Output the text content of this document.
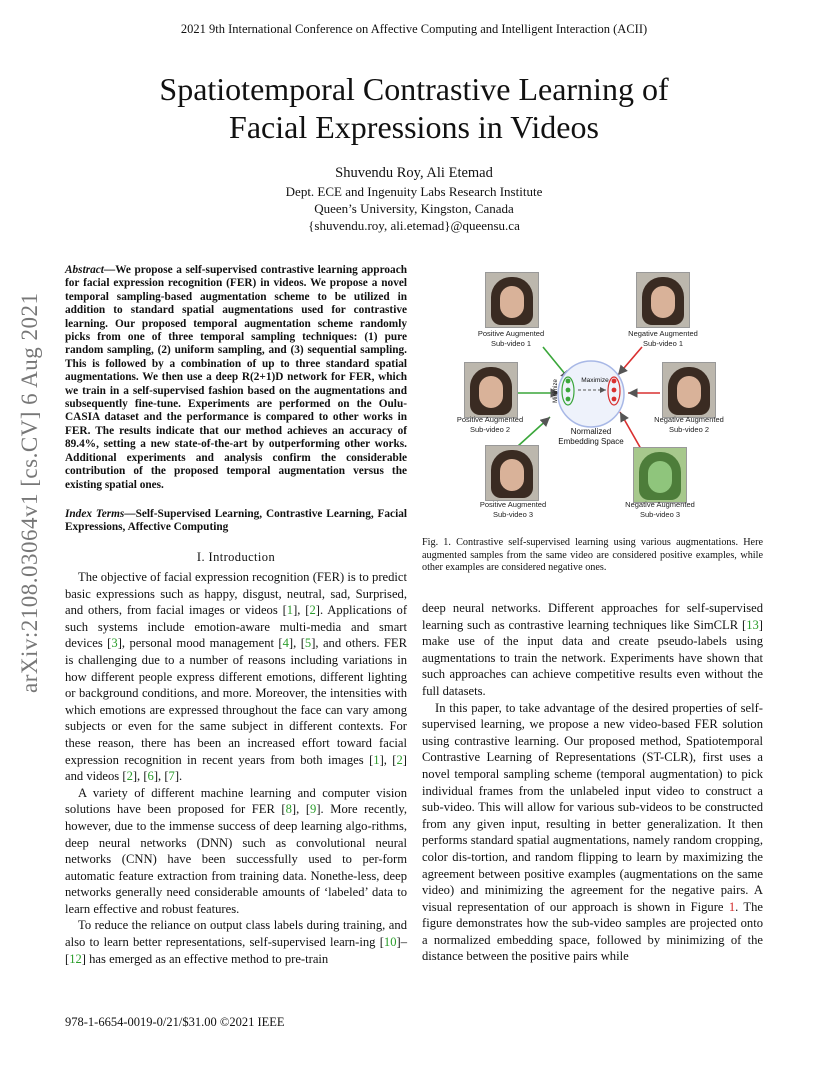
2021 9th International Conference on Affective Computing and Intelligent Interaction (ACII)
Spatiotemporal Contrastive Learning of
Facial Expressions in Videos
Shuvendu Roy, Ali Etemad
Dept. ECE and Ingenuity Labs Research Institute
Queen’s University, Kingston, Canada
{shuvendu.roy, ali.etemad}@queensu.ca
arXiv:2108.03064v1 [cs.CV] 6 Aug 2021
Abstract—We propose a self-supervised contrastive learning approach for facial expression recognition (FER) in videos. We propose a novel temporal sampling-based augmentation scheme to be utilized in addition to standard spatial augmentations used for contrastive learning. Our proposed temporal augmentation scheme randomly picks from one of three temporal sampling techniques: (1) pure random sampling, (2) uniform sampling, and (3) sequential sampling. This is followed by a combination of up to three standard spatial augmentations. We then use a deep R(2+1)D network for FER, which we train in a self-supervised fashion based on the augmentations and subsequently fine-tune. Experiments are performed on the Oulu-CASIA dataset and the performance is compared to other works in FER. The results indicate that our method achieves an accuracy of 89.4%, setting a new state-of-the-art by outperforming other works. Additional experiments and analysis confirm the considerable contribution of the proposed temporal augmentation versus the existing spatial ones.
Index Terms—Self-Supervised Learning, Contrastive Learning, Facial Expressions, Affective Computing
I. Introduction

The objective of facial expression recognition (FER) is to predict basic expressions such as happy, disgust, neutral, sad, Surprised, and others, from facial images or videos [1], [2]. Applications of such systems include emotion-aware multi-media and smart devices [3], personal mood management [4], [5], and others. FER is challenging due to a number of reasons including variations in how different people express different emotions, different lighting or background conditions, and more. Moreover, the intensities with which emotions are expressed throughout the face can vary among subjects or even for the same subject in different contexts. For these reason, there has been an increased effort toward facial expression recognition in recent years from both images [1], [2] and videos [2], [6], [7].

A variety of different machine learning and computer vision solutions have been proposed for FER [8], [9]. More recently, however, due to the immense success of deep learning algo-rithms, deep neural networks (DNN) such as convolutional neural networks (CNN) have been successfully used to per-form automatic feature extraction from training data. Nonethe-less, deep networks generally need considerable amounts of ‘labeled’ data to learn effective and robust features.

To reduce the reliance on output class labels during training, and also to learn better representations, self-supervised learn-ing [10]–[12] has emerged as an effective method to pre-train

Positive Augmented
Sub-video 1
Negative Augmented
Sub-video 1
Positive Augmented
Sub-video 2
Negative Augmented
Sub-video 2
Positive Augmented
Sub-video 3
Negative Augmented
Sub-video 3
Normalized
Embedding Space
Maximize
Minimize
Fig. 1. Contrastive self-supervised learning using various augmentations. Here augmented samples from the same video are considered positive examples, while other examples are considered negative ones.

deep neural networks. Different approaches for self-supervised learning such as contrastive learning techniques like SimCLR [13] make use of the input data and create pseudo-labels using augmentations to train the network. Experiments have shown that such approaches can achieve competitive results even without the full datasets.

In this paper, to take advantage of the desired properties of self-supervised learning, we propose a new video-based FER solution using contrastive learning. Our proposed method, Spatiotemporal Contrastive Learning of Representations (ST-CLR), first uses a novel temporal sampling scheme (temporal augmentation) to pick individual frames from the unlabeled input video to construct a sub-video. This will allow for various sub-videos to be constructed from any given input, resulting in better generalization. It then performs standard spatial augmentations, namely random cropping, color dis-tortion, and random flipping to learn by maximizing the agreement between positive examples (augmentations on the same video) and minimizing the agreement for the negative pairs. A visual representation of our approach is shown in Figure 1. The figure demonstrates how the sub-video samples are projected onto a normalized embedding space, followed by minimizing of the distance between the positive pairs while

978-1-6654-0019-0/21/$31.00 ©2021 IEEE
